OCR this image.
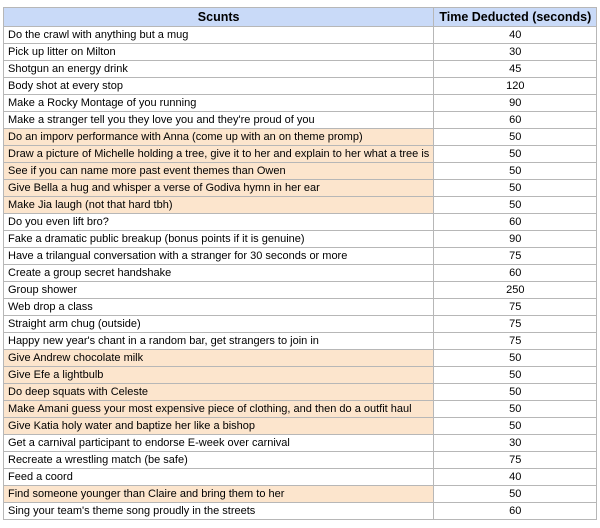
Scunts	Time Deducted (seconds)
Do the crawl with anything but a mug	40
Pick up litter on Milton	30
Shotgun an energy drink	45
Body shot at every stop	120
Make a Rocky Montage of you running	90
Make a stranger tell you they love you and they're proud of you	60
Do an imporv performance with Anna (come up with an on theme promp)	50
Draw a picture of Michelle holding a tree, give it to her and explain to her what a tree is	50
See if you can name more past event themes than Owen	50
Give Bella a hug and whisper a verse of Godiva hymn in her ear	50
Make Jia laugh (not that hard tbh)	50
Do you even lift bro?	60
Fake a dramatic public breakup (bonus points if it is genuine)	90
Have a trilangual conversation with a stranger for 30 seconds or more	75
Create a group secret handshake	60
Group shower	250
Web drop a class	75
Straight arm chug (outside)	75
Happy new year's chant in a random bar, get strangers to join in	75
Give Andrew chocolate milk	50
Give Efe a lightbulb	50
Do deep squats with Celeste	50
Make Amani guess your most expensive piece of clothing, and then do a outfit haul	50
Give Katia holy water and baptize her like a bishop	50
Get a carnival participant to endorse E-week over carnival	30
Recreate a wrestling match (be safe)	75
Feed a coord	40
Find someone younger than Claire and bring them to her	50
Sing your team's theme song proudly in the streets	60
